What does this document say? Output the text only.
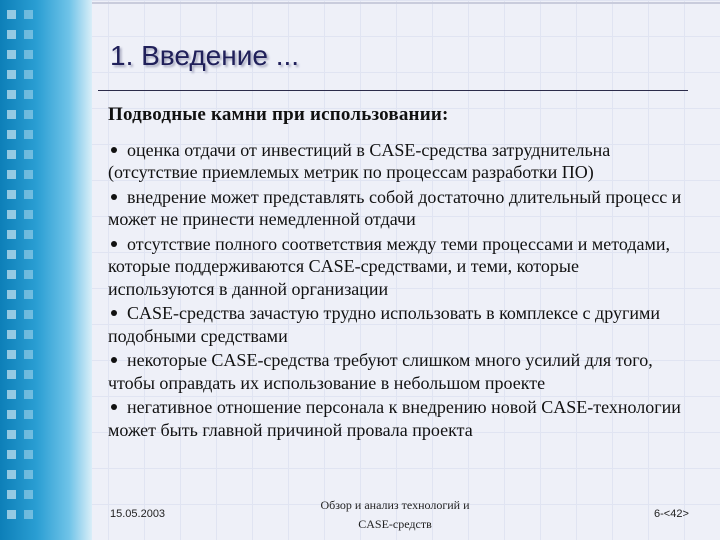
1. Введение ...
Подводные камни при использовании:
оценка отдачи от инвестиций в CASE-средства затруднительна (отсутствие приемлемых метрик по процессам разработки ПО)
внедрение может представлять собой достаточно длительный процесс и может не принести немедленной отдачи
отсутствие полного соответствия между теми процессами и методами, которые поддерживаются CASE-средствами, и теми, которые используются в данной организации
CASE-средства зачастую трудно использовать в комплексе с другими подобными средствами
некоторые CASE-средства требуют слишком много усилий для того, чтобы оправдать их использование в небольшом проекте
негативное отношение персонала к внедрению новой CASE-технологии может быть главной причиной провала проекта
15.05.2003
Обзор и анализ технологий и
CASE-средств
6-<42>
